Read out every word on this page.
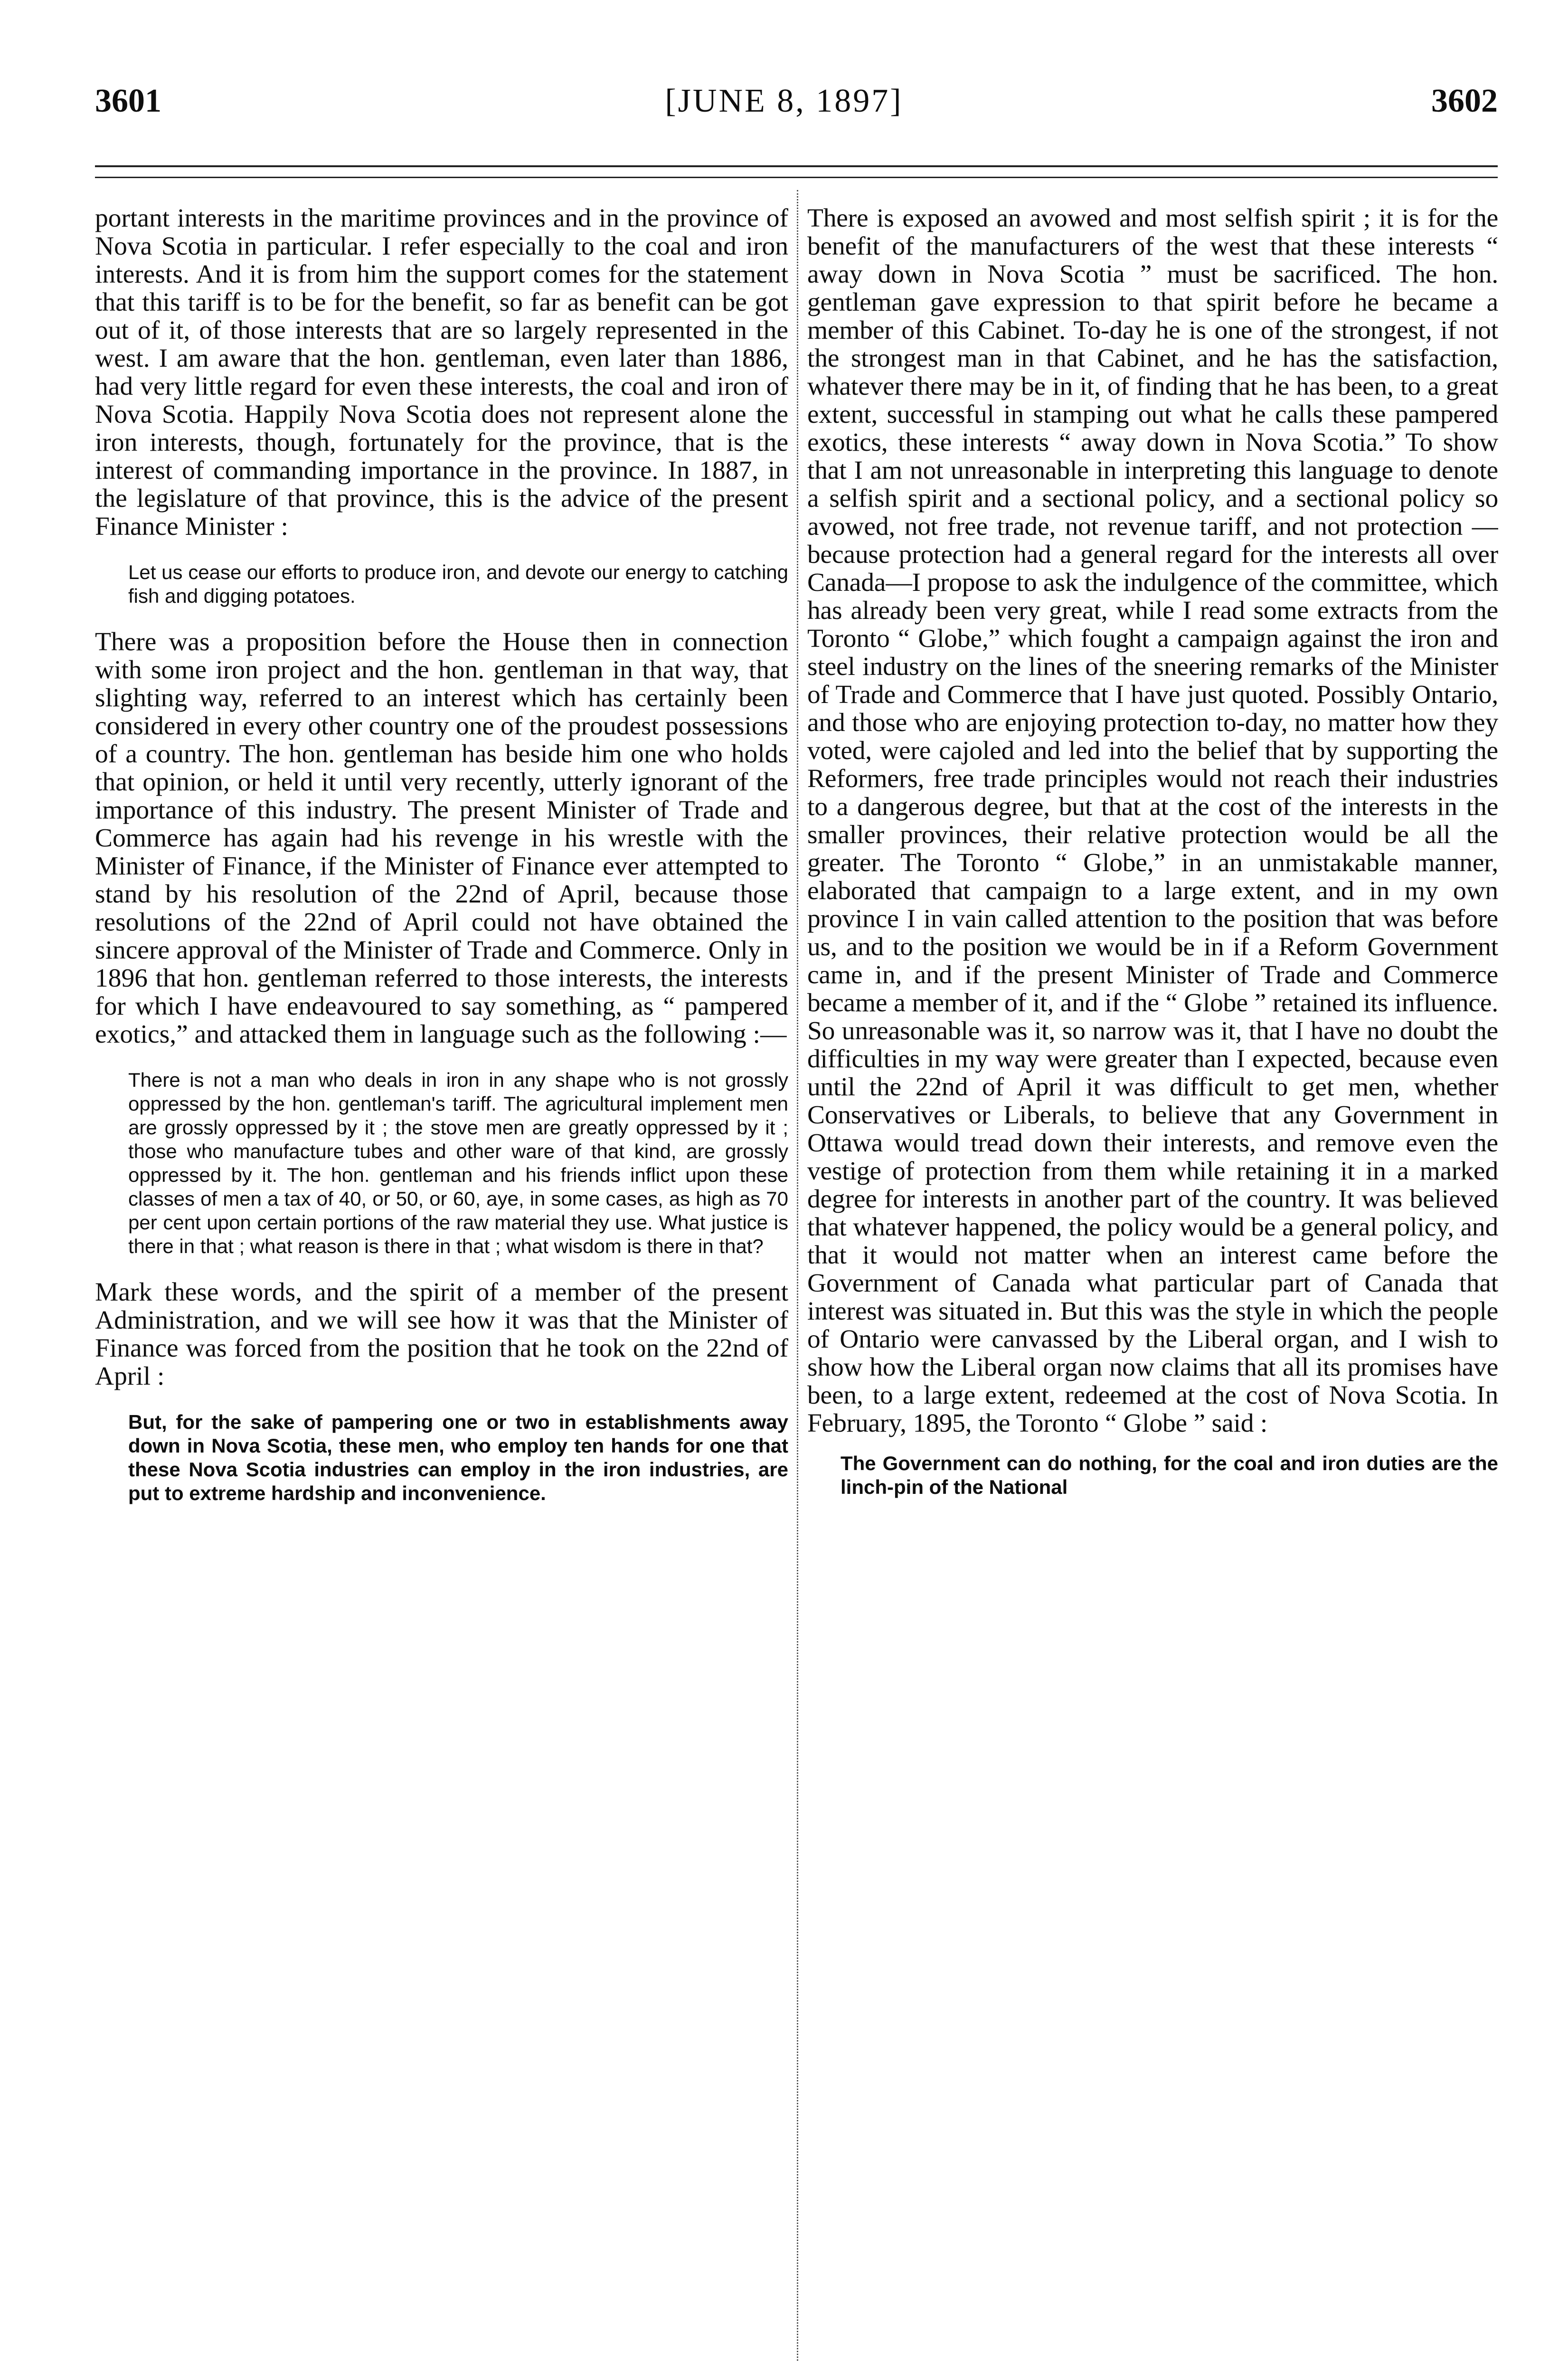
[JUNE 8, 1897]
3601	3602

portant interests in the maritime provinces and in the province of Nova Scotia in particular. I refer especially to the coal and iron interests. And it is from him the support comes for the statement that this tariff is to be for the benefit, so far as benefit can be got out of it, of those interests that are so largely represented in the west. I am aware that the hon. gentleman, even later than 1886, had very little regard for even these interests, the coal and iron of Nova Scotia. Happily Nova Scotia does not represent alone the iron interests, though, fortunately for the province, that is the interest of commanding importance in the province. In 1887, in the legislature of that province, this is the advice of the present Finance Minister :

Let us cease our efforts to produce iron, and devote our energy to catching fish and digging potatoes.

There was a proposition before the House then in connection with some iron project and the hon. gentleman in that way, that slighting way, referred to an interest which has certainly been considered in every other country one of the proudest possessions of a country. The hon. gentleman has beside him one who holds that opinion, or held it until very recently, utterly ignorant of the importance of this industry. The present Minister of Trade and Commerce has again had his revenge in his wrestle with the Minister of Finance, if the Minister of Finance ever attempted to stand by his resolution of the 22nd of April, because those resolutions of the 22nd of April could not have obtained the sincere approval of the Minister of Trade and Commerce. Only in 1896 that hon. gentleman referred to those interests, the interests for which I have endeavoured to say something, as “ pampered exotics,” and attacked them in language such as the following :—

There is not a man who deals in iron in any shape who is not grossly oppressed by the hon. gentleman's tariff. The agricultural implement men are grossly oppressed by it ; the stove men are greatly oppressed by it ; those who manufacture tubes and other ware of that kind, are grossly oppressed by it. The hon. gentleman and his friends inflict upon these classes of men a tax of 40, or 50, or 60, aye, in some cases, as high as 70 per cent upon certain portions of the raw material they use. What justice is there in that ; what reason is there in that ; what wisdom is there in that?

Mark these words, and the spirit of a member of the present Administration, and we will see how it was that the Minister of Finance was forced from the position that he took on the 22nd of April :

But, for the sake of pampering one or two in establishments away down in Nova Scotia, these men, who employ ten hands for one that these Nova Scotia industries can employ in the iron industries, are put to extreme hardship and inconvenience.

There is exposed an avowed and most selfish spirit ; it is for the benefit of the manufacturers of the west that these interests “ away down in Nova Scotia ” must be sacrificed. The hon. gentleman gave expression to that spirit before he became a member of this Cabinet. To-day he is one of the strongest, if not the strongest man in that Cabinet, and he has the satisfaction, whatever there may be in it, of finding that he has been, to a great extent, successful in stamping out what he calls these pampered exotics, these interests “ away down in Nova Scotia.” To show that I am not unreasonable in interpreting this language to denote a selfish spirit and a sectional policy, and a sectional policy so avowed, not free trade, not revenue tariff, and not protection —because protection had a general regard for the interests all over Canada—I propose to ask the indulgence of the committee, which has already been very great, while I read some extracts from the Toronto “ Globe,” which fought a campaign against the iron and steel industry on the lines of the sneering remarks of the Minister of Trade and Commerce that I have just quoted. Possibly Ontario, and those who are enjoying protection to-day, no matter how they voted, were cajoled and led into the belief that by supporting the Reformers, free trade principles would not reach their industries to a dangerous degree, but that at the cost of the interests in the smaller provinces, their relative protection would be all the greater. The Toronto “ Globe,” in an unmistakable manner, elaborated that campaign to a large extent, and in my own province I in vain called attention to the position that was before us, and to the position we would be in if a Reform Government came in, and if the present Minister of Trade and Commerce became a member of it, and if the “ Globe ” retained its influence. So unreasonable was it, so narrow was it, that I have no doubt the difficulties in my way were greater than I expected, because even until the 22nd of April it was difficult to get men, whether Conservatives or Liberals, to believe that any Government in Ottawa would tread down their interests, and remove even the vestige of protection from them while retaining it in a marked degree for interests in another part of the country. It was believed that whatever happened, the policy would be a general policy, and that it would not matter when an interest came before the Government of Canada what particular part of Canada that interest was situated in. But this was the style in which the people of Ontario were canvassed by the Liberal organ, and I wish to show how the Liberal organ now claims that all its promises have been, to a large extent, redeemed at the cost of Nova Scotia. In February, 1895, the Toronto “ Globe ” said :

The Government can do nothing, for the coal and iron duties are the linch-pin of the National
